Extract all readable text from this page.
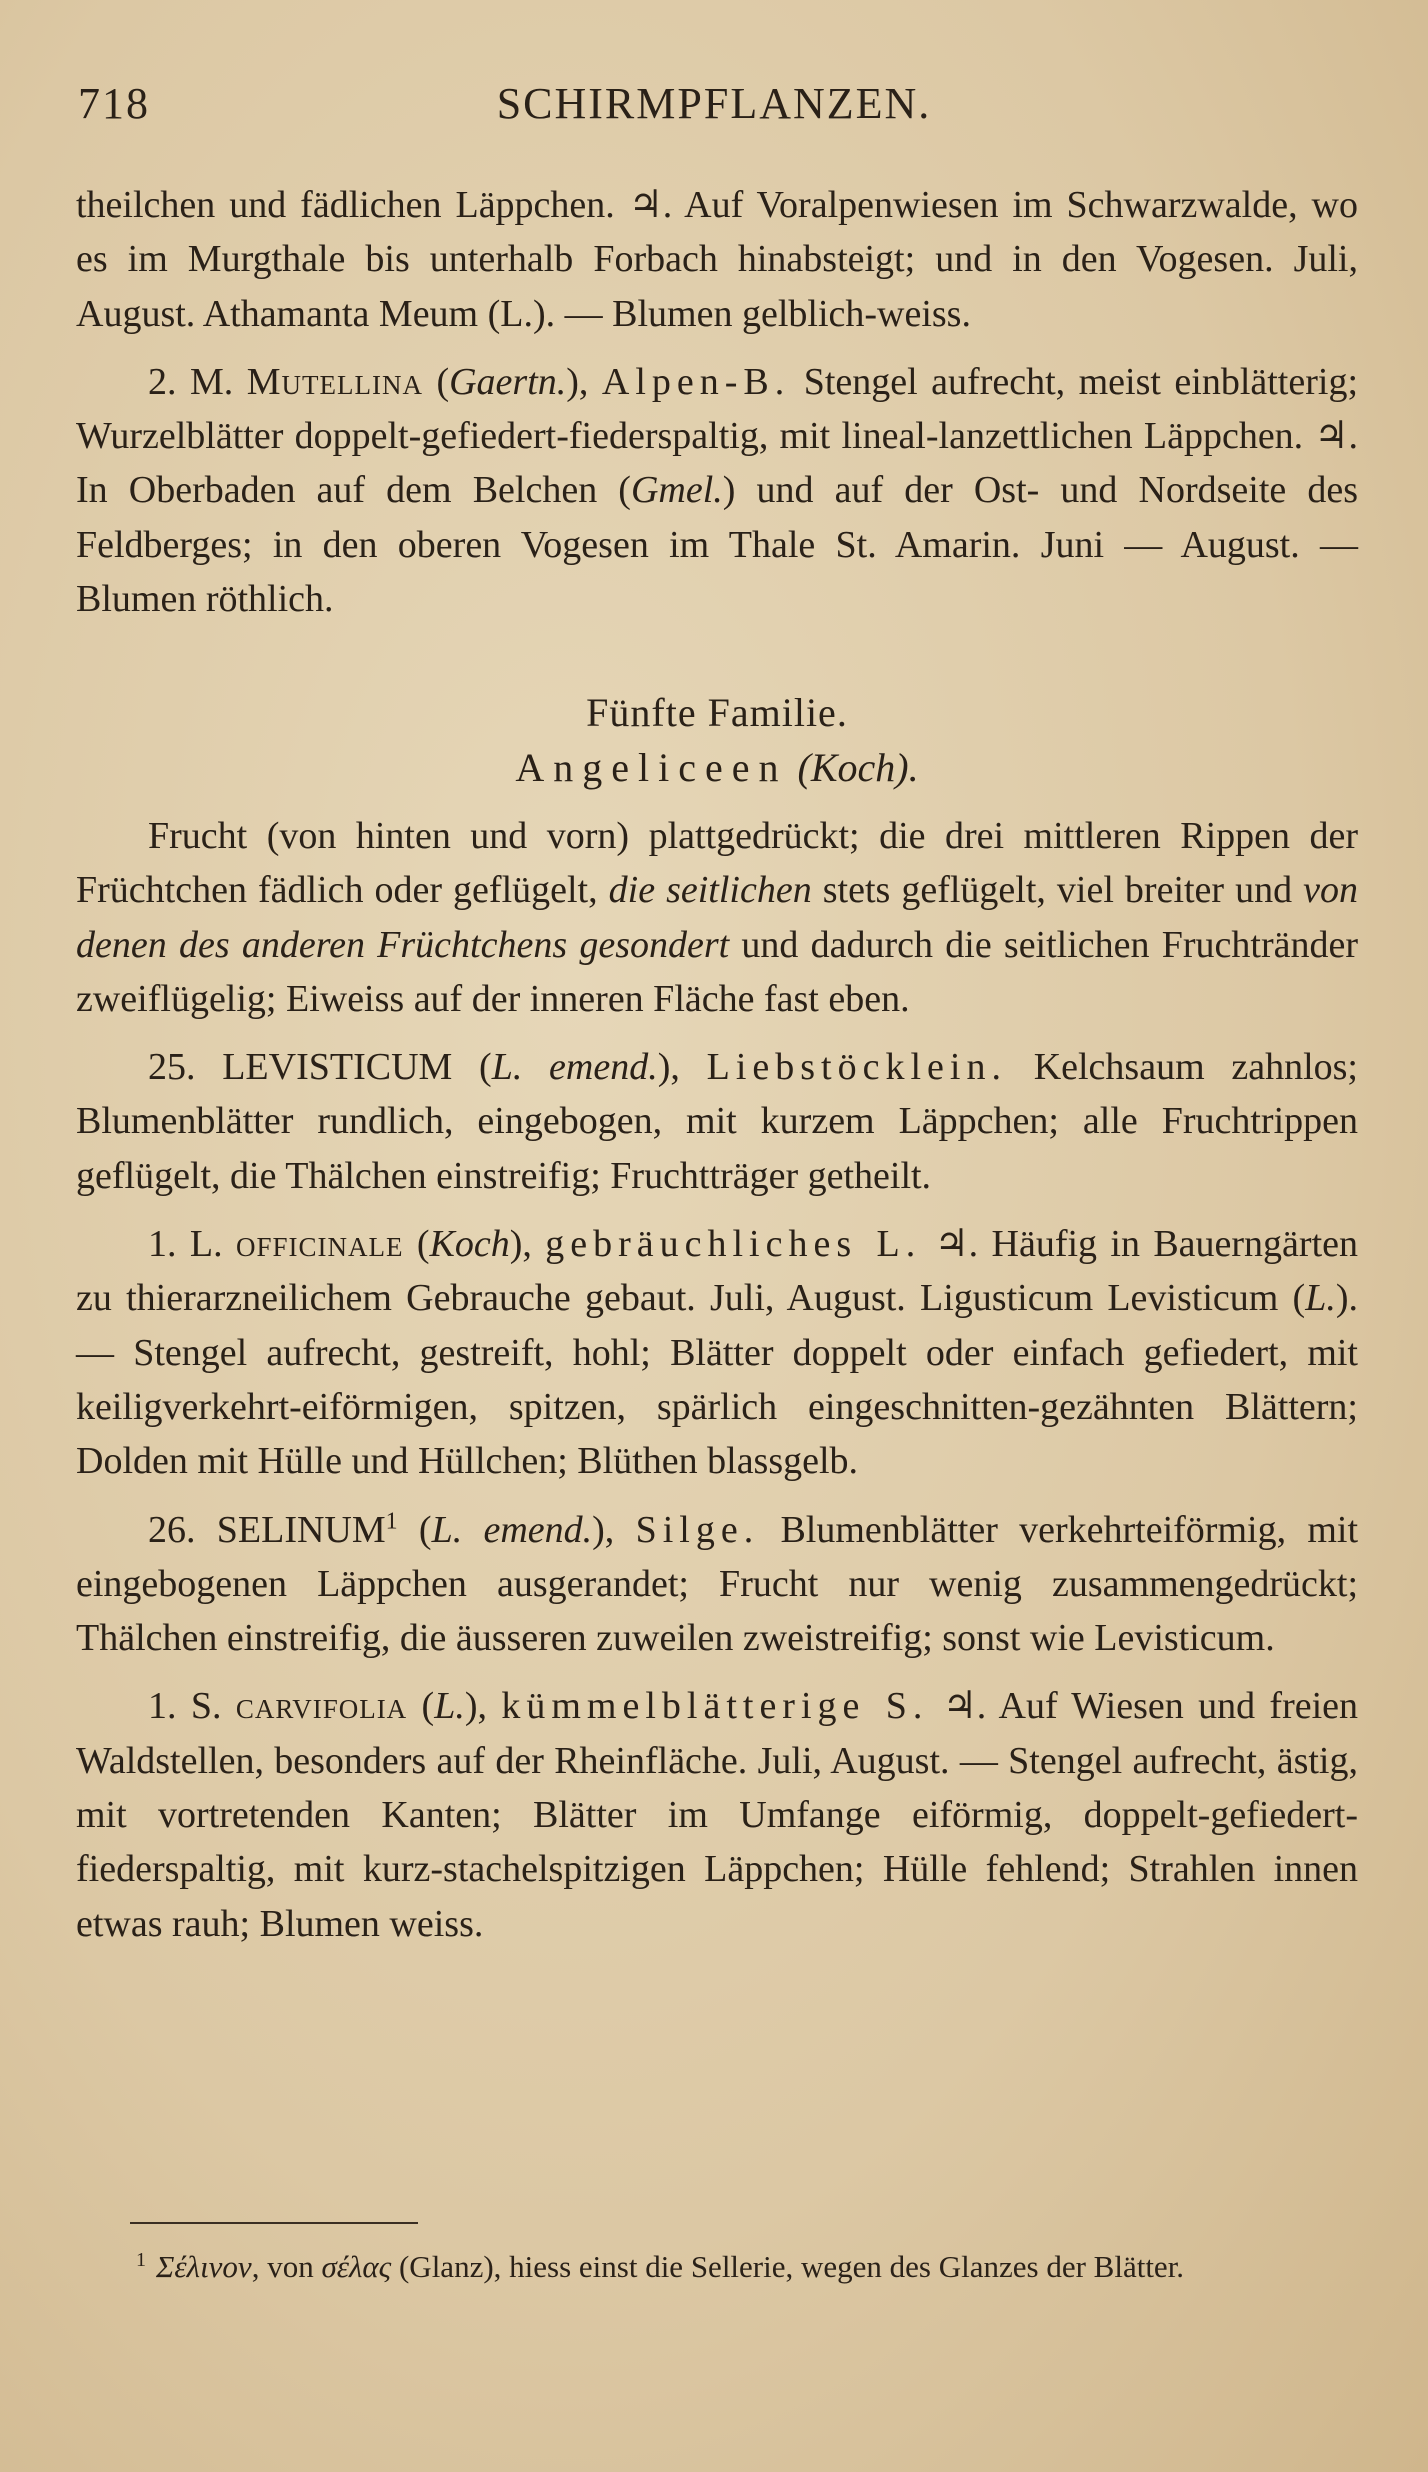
718	SCHIRMPFLANZEN.

theilchen und fädlichen Läppchen. ♃. Auf Voralpenwiesen im Schwarzwalde, wo es im Murgthale bis unterhalb Forbach hinabsteigt; und in den Vogesen. Juli, August. Athamanta Meum (L.). — Blumen gelblich-weiss.

2. M. Mutellina (Gaertn.), Alpen-B. Stengel aufrecht, meist einblätterig; Wurzelblätter doppelt-gefiedert-fiederspaltig, mit lineal-lanzettlichen Läppchen. ♃. In Oberbaden auf dem Belchen (Gmel.) und auf der Ost- und Nordseite des Feldberges; in den oberen Vogesen im Thale St. Amarin. Juni — August. — Blumen röthlich.

Fünfte Familie.

Angeliceen (Koch).

Frucht (von hinten und vorn) plattgedrückt; die drei mittleren Rippen der Früchtchen fädlich oder geflügelt, die seitlichen stets geflügelt, viel breiter und von denen des anderen Früchtchens gesondert und dadurch die seitlichen Fruchtränder zweiflügelig; Eiweiss auf der inneren Fläche fast eben.

25. LEVISTICUM (L. emend.), Liebstöcklein. Kelchsaum zahnlos; Blumenblätter rundlich, eingebogen, mit kurzem Läppchen; alle Fruchtrippen geflügelt, die Thälchen einstreifig; Fruchtträger getheilt.

1. L. officinale (Koch), gebräuchliches L. ♃. Häufig in Bauerngärten zu thierarzneilichem Gebrauche gebaut. Juli, August. Ligusticum Levisticum (L.). — Stengel aufrecht, gestreift, hohl; Blätter doppelt oder einfach gefiedert, mit keiligverkehrt-eiförmigen, spitzen, spärlich eingeschnitten-gezähnten Blättern; Dolden mit Hülle und Hüllchen; Blüthen blassgelb.

26. SELINUM$^1$ (L. emend.), Silge. Blumenblätter verkehrteiförmig, mit eingebogenen Läppchen ausgerandet; Frucht nur wenig zusammengedrückt; Thälchen einstreifig, die äusseren zuweilen zweistreifig; sonst wie Levisticum.

1. S. carvifolia (L.), kümmelblätterige S. ♃. Auf Wiesen und freien Waldstellen, besonders auf der Rheinfläche. Juli, August. — Stengel aufrecht, ästig, mit vortretenden Kanten; Blätter im Umfange eiförmig, doppelt-gefiedert-fiederspaltig, mit kurz-stachelspitzigen Läppchen; Hülle fehlend; Strahlen innen etwas rauh; Blumen weiss.

$^1$ Σέλινον, von σέλας (Glanz), hiess einst die Sellerie, wegen des Glanzes der Blätter.
